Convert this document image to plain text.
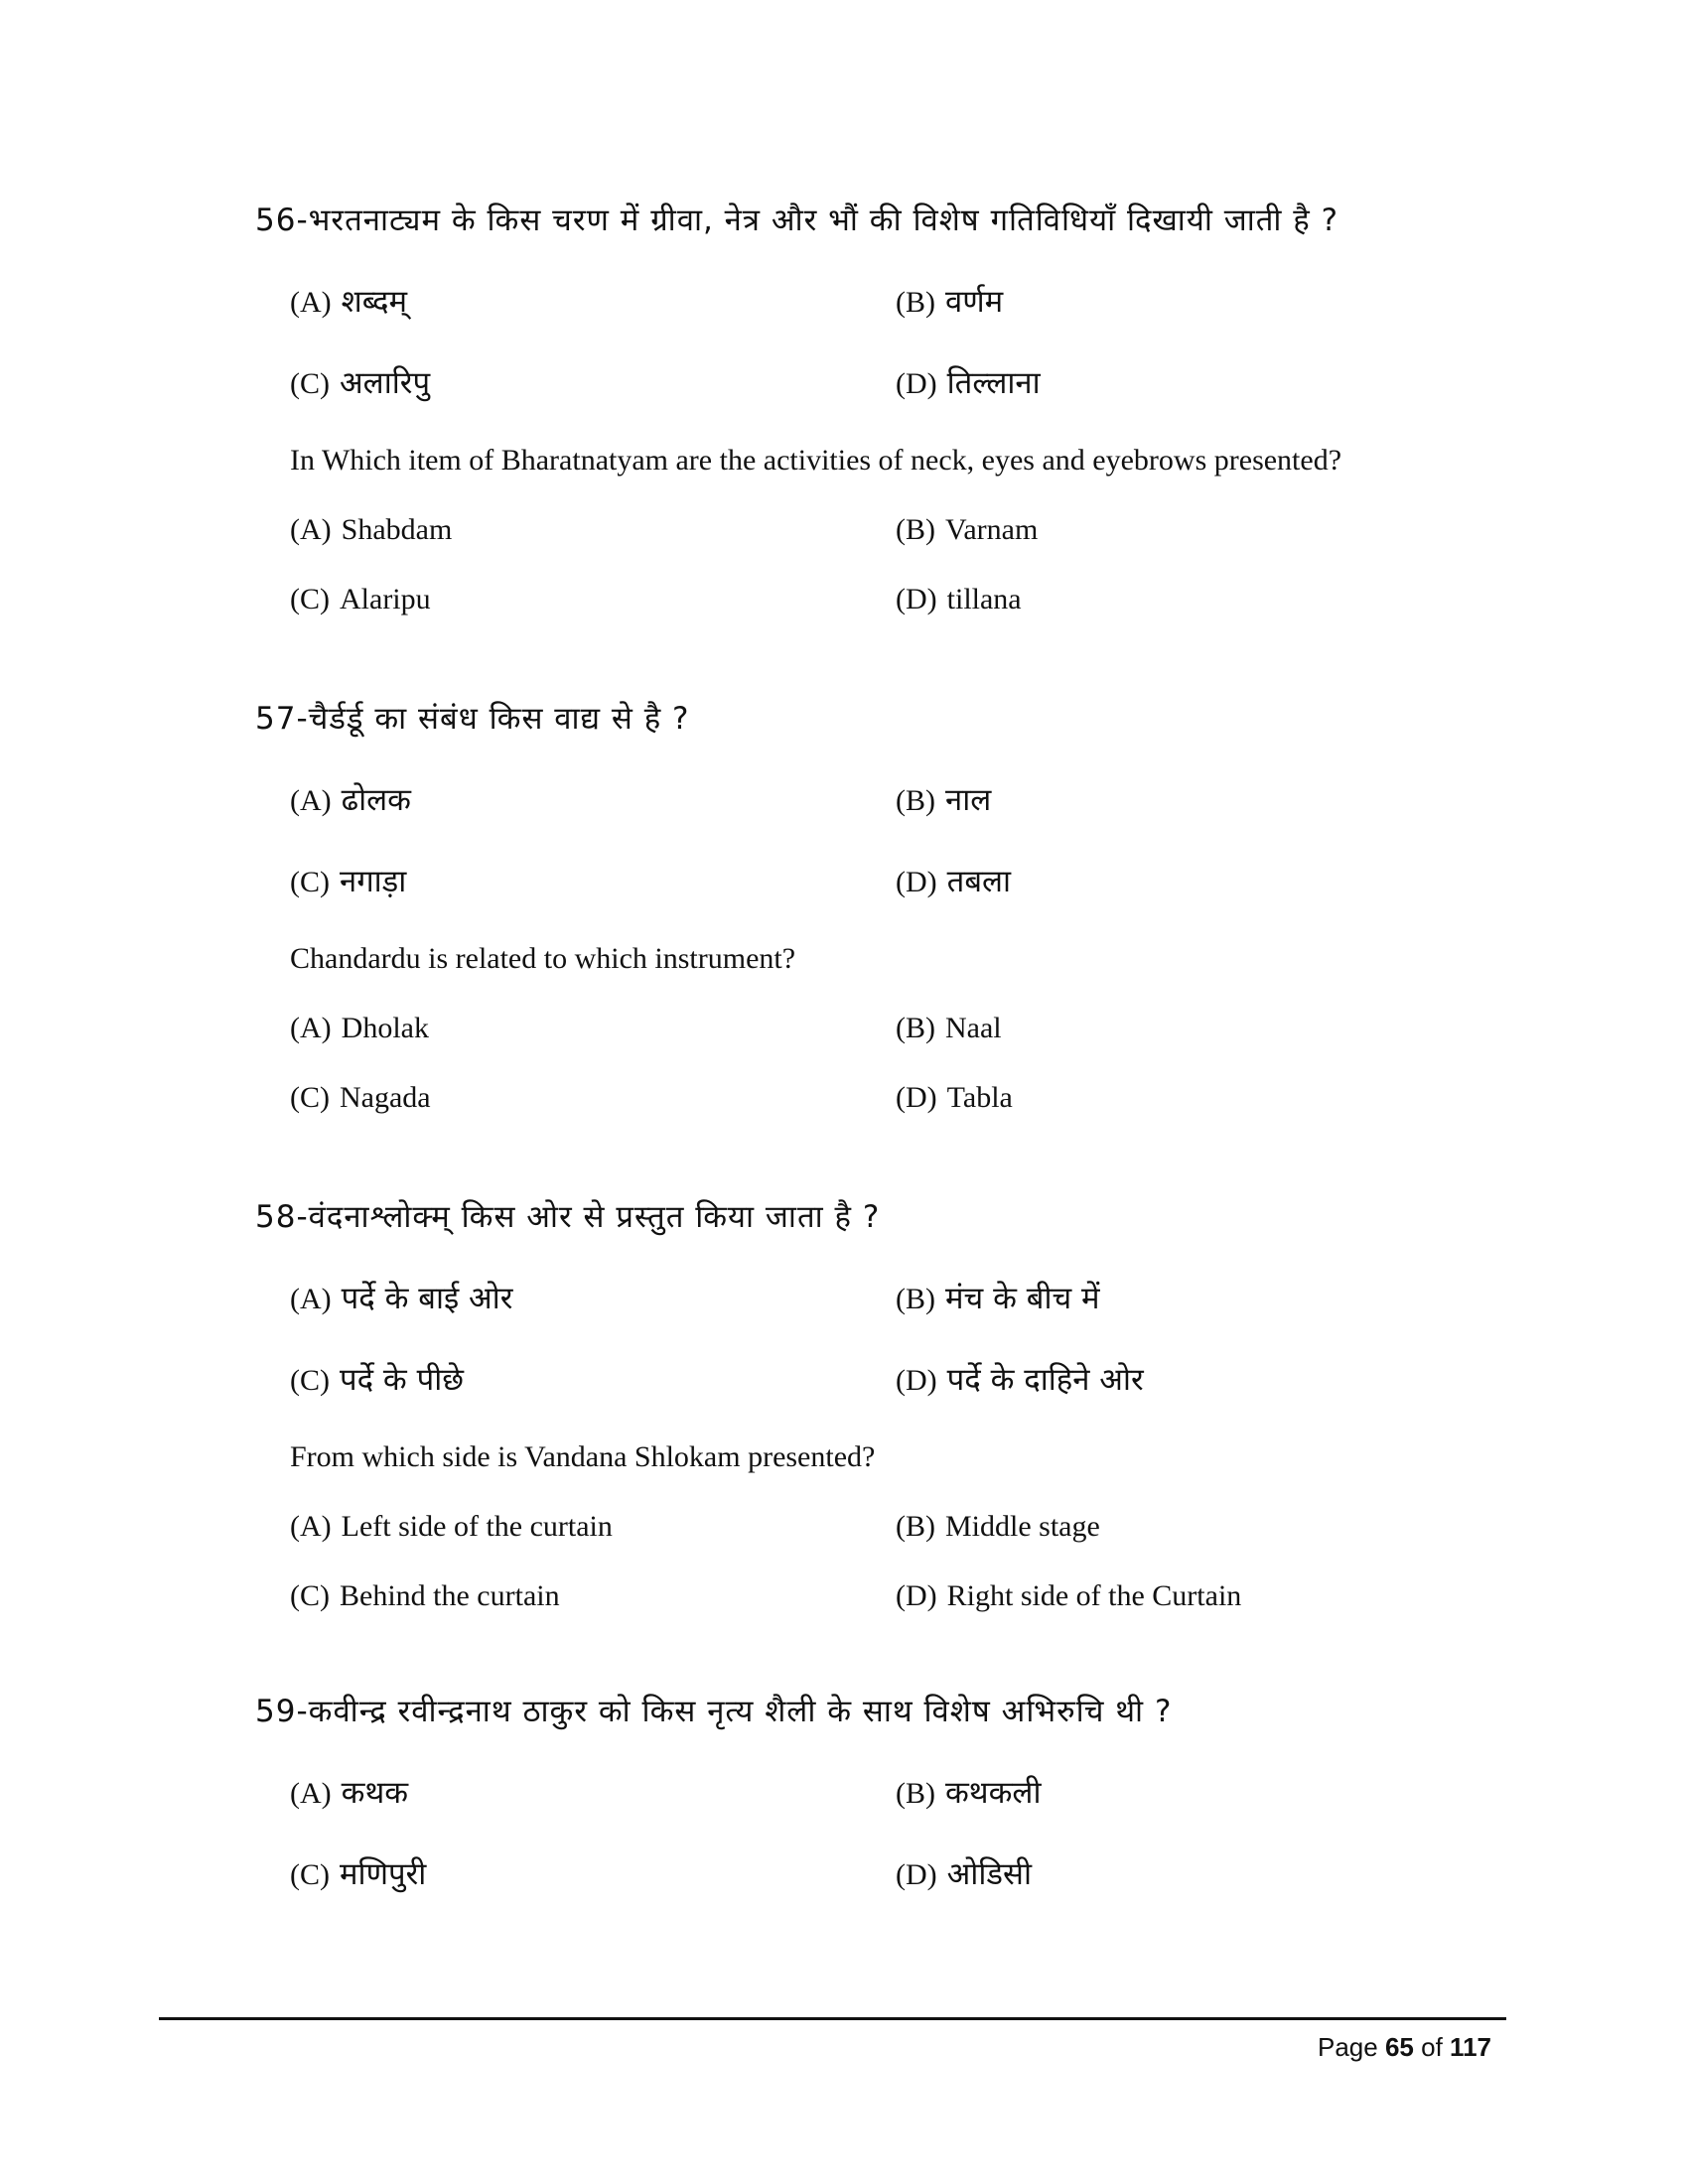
56-भरतनाट्यम के किस चरण में ग्रीवा, नेत्र और भौं की विशेष गतिविधियाँ दिखायी जाती है ?
(A) शब्दम्	(B) वर्णम
(C) अलारिपु	(D) तिल्लाना
In Which item of Bharatnatyam are the activities of neck, eyes and eyebrows presented?
(A) Shabdam	(B) Varnam
(C) Alaripu	(D) tillana
57-चैर्डर्डू का संबंध किस वाद्य से है ?
(A) ढोलक	(B) नाल
(C) नगाड़ा	(D) तबला
Chandardu is related to which instrument?
(A) Dholak	(B) Naal
(C) Nagada	(D) Tabla
58-वंदनाश्लोक्म् किस ओर से प्रस्तुत किया जाता है ?
(A) पर्दे के बाई ओर	(B) मंच के बीच में
(C) पर्दे के पीछे	(D) पर्दे के दाहिने ओर
From which side is Vandana Shlokam presented?
(A) Left side of the curtain	(B) Middle stage
(C) Behind the curtain	(D) Right side of the Curtain
59-कवीन्द्र रवीन्द्रनाथ ठाकुर को किस नृत्य शैली के साथ विशेष अभिरुचि थी ?
(A) कथक	(B) कथकली
(C) मणिपुरी	(D) ओडिसी
Page 65 of 117
